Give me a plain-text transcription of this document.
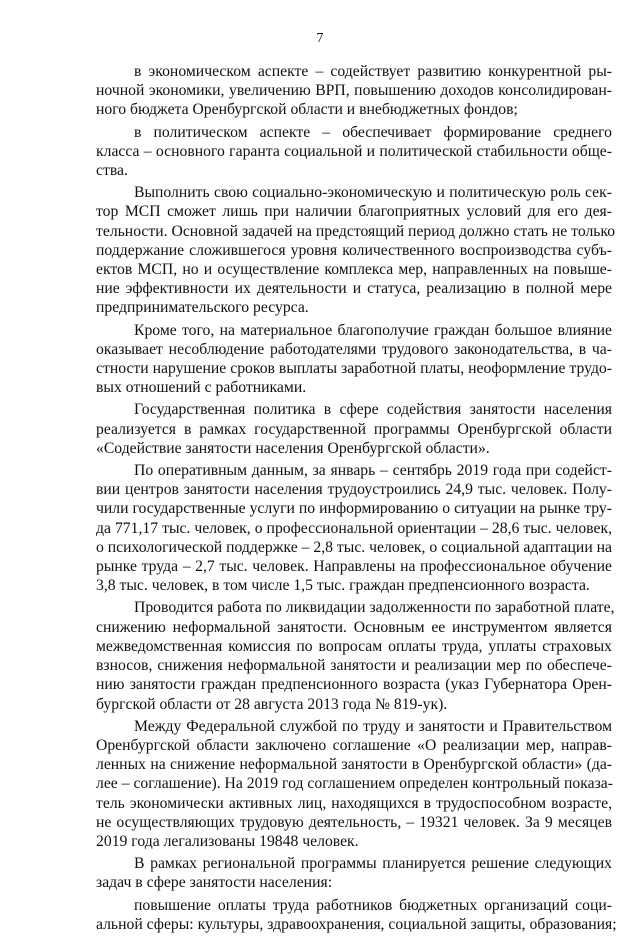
7
в экономическом аспекте – содействует развитию конкурентной ры-
ночной экономики, увеличению ВРП, повышению доходов консолидирован-
ного бюджета Оренбургской области и внебюджетных фондов;
в политическом аспекте – обеспечивает формирование среднего
класса – основного гаранта социальной и политической стабильности обще-
ства.
Выполнить свою социально-экономическую и политическую роль сек-
тор МСП сможет лишь при наличии благоприятных условий для его дея-
тельности. Основной задачей на предстоящий период должно стать не только
поддержание сложившегося уровня количественного воспроизводства субъ-
ектов МСП, но и осуществление комплекса мер, направленных на повыше-
ние эффективности их деятельности и статуса, реализацию в полной мере
предпринимательского ресурса.
Кроме того, на материальное благополучие граждан большое влияние
оказывает несоблюдение работодателями трудового законодательства, в ча-
стности нарушение сроков выплаты заработной платы, неоформление трудо-
вых отношений с работниками.
Государственная политика в сфере содействия занятости населения
реализуется в рамках государственной программы Оренбургской области
«Содействие занятости населения Оренбургской области».
По оперативным данным, за январь – сентябрь 2019 года при содейст-
вии центров занятости населения трудоустроились 24,9 тыс. человек. Полу-
чили государственные услуги по информированию о ситуации на рынке тру-
да 771,17 тыс. человек, о профессиональной ориентации – 28,6 тыс. человек,
о психологической поддержке – 2,8 тыс. человек, о социальной адаптации на
рынке труда – 2,7 тыс. человек. Направлены на профессиональное обучение
3,8 тыс. человек, в том числе 1,5 тыс. граждан предпенсионного возраста.
Проводится работа по ликвидации задолженности по заработной плате,
снижению неформальной занятости. Основным ее инструментом является
межведомственная комиссия по вопросам оплаты труда, уплаты страховых
взносов, снижения неформальной занятости и реализации мер по обеспече-
нию занятости граждан предпенсионного возраста (указ Губернатора Орен-
бургской области от 28 августа 2013 года № 819-ук).
Между Федеральной службой по труду и занятости и Правительством
Оренбургской области заключено соглашение «О реализации мер, направ-
ленных на снижение неформальной занятости в Оренбургской области» (да-
лее – соглашение). На 2019 год соглашением определен контрольный показа-
тель экономически активных лиц, находящихся в трудоспособном возрасте,
не осуществляющих трудовую деятельность, – 19321 человек. За 9 месяцев
2019 года легализованы 19848 человек.
В рамках региональной программы планируется решение следующих
задач в сфере занятости населения:
повышение оплаты труда работников бюджетных организаций соци-
альной сферы: культуры, здравоохранения, социальной защиты, образования;
